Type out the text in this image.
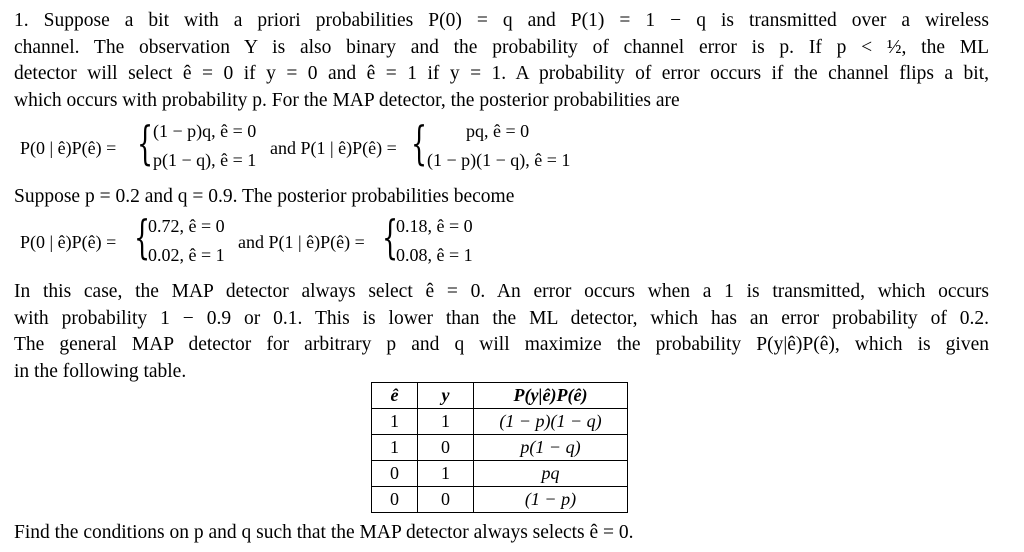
1. Suppose a bit with a priori probabilities P(0) = q and P(1) = 1 − q is transmitted over a wireless
channel. The observation Y is also binary and the probability of channel error is p. If p < ½, the ML
detector will select ê = 0 if y = 0 and ê = 1 if y = 1. A probability of error occurs if the channel flips a bit,
which occurs with probability p. For the MAP detector, the posterior probabilities are
P(0 | ê)P(ê) = { (1 − p)q, ê = 0
p(1 − q), ê = 1
and P(1 | ê)P(ê) = { pq, ê = 0
(1 − p)(1 − q), ê = 1
Suppose p = 0.2 and q = 0.9. The posterior probabilities become
P(0 | ê)P(ê) = {
0.72, ê = 0
0.02, ê = 1
and P(1 | ê)P(ê) = {
0.18, ê = 0
0.08, ê = 1
In this case, the MAP detector always select ê = 0. An error occurs when a 1 is transmitted, which occurs
with probability 1 − 0.9 or 0.1. This is lower than the ML detector, which has an error probability of 0.2.
The general MAP detector for arbitrary p and q will maximize the probability P(y|ê)P(ê), which is given
in the following table.
ê	y	P(y|ê)P(ê)
1	1	(1 − p)(1 − q)
1	0	p(1 − q)
0	1	pq
0	0	(1 − p)
Find the conditions on p and q such that the MAP detector always selects ê = 0.
